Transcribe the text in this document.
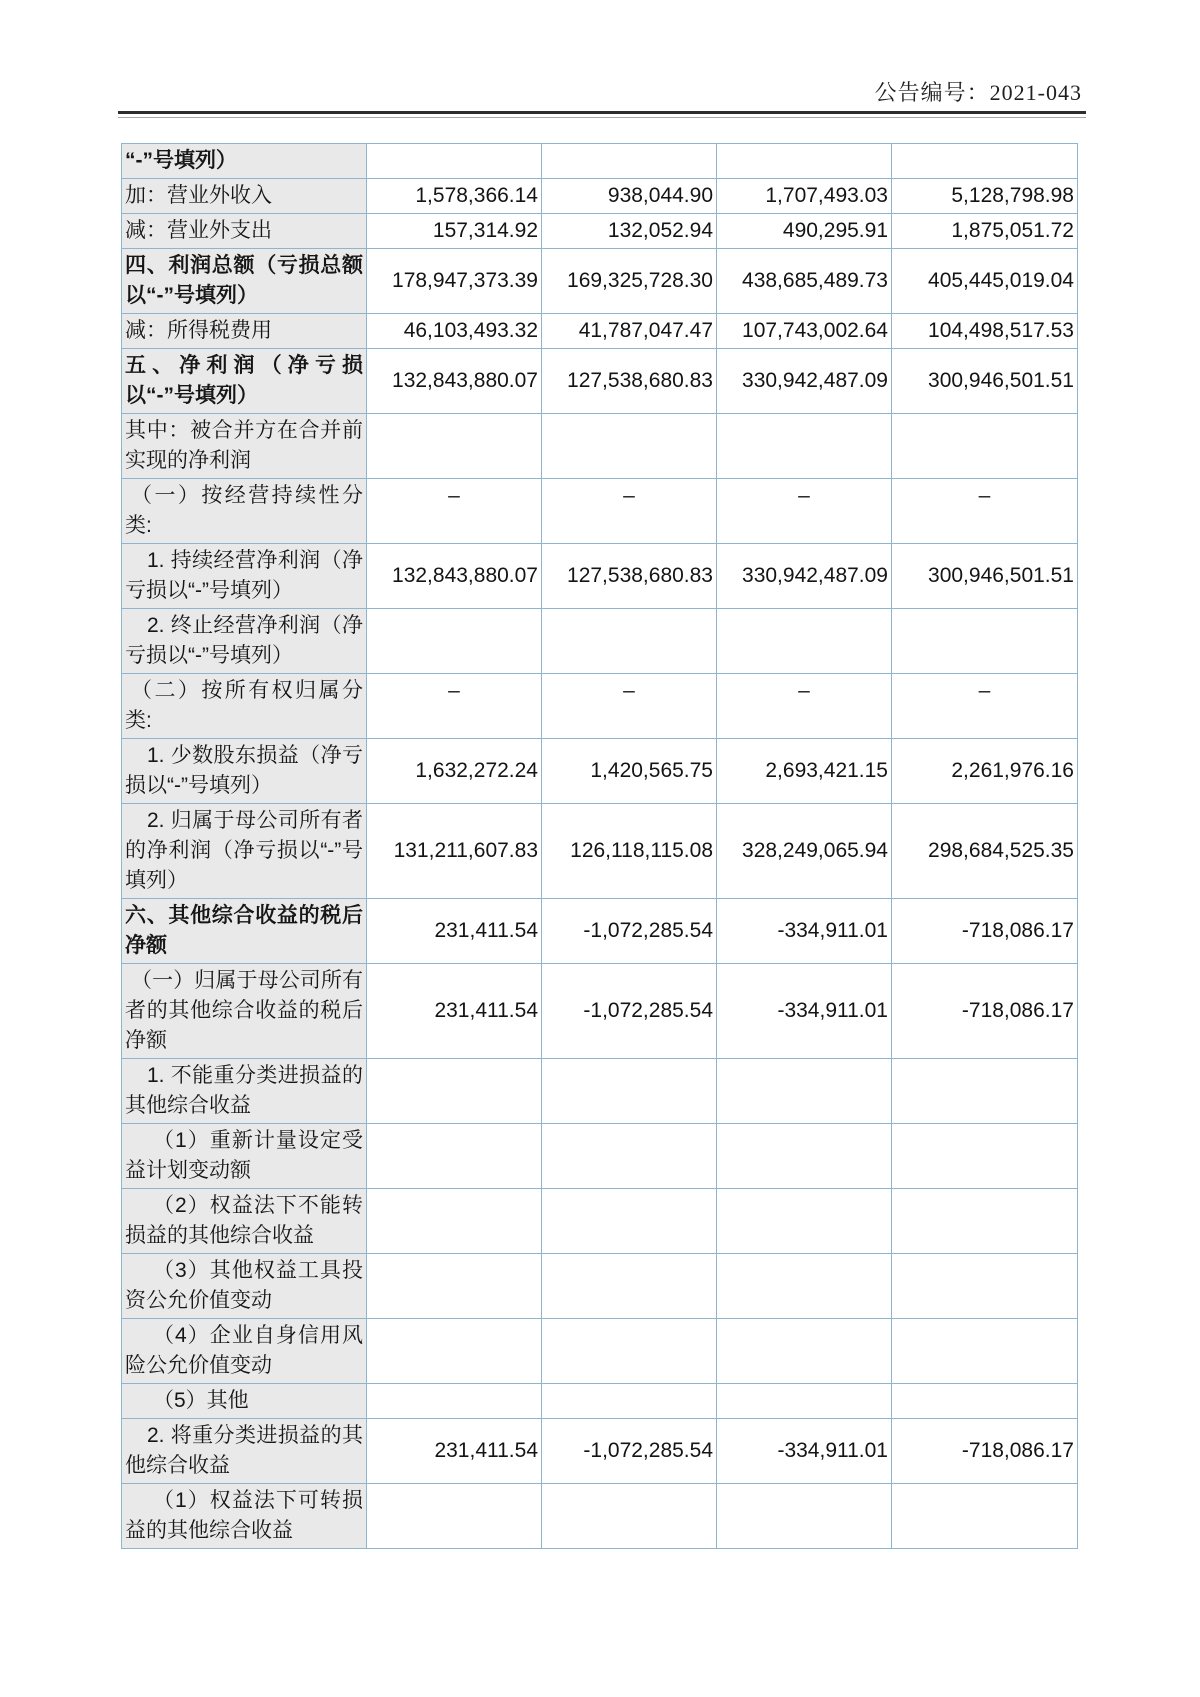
公告编号：2021-043
“-”号填列）				
加：营业外收入	1,578,366.14	938,044.90	1,707,493.03	5,128,798.98
减：营业外支出	157,314.92	132,052.94	490,295.91	1,875,051.72
四、利润总额（亏损总额以“-”号填列）	178,947,373.39	169,325,728.30	438,685,489.73	405,445,019.04
减：所得税费用	46,103,493.32	41,787,047.47	107,743,002.64	104,498,517.53
五、净利润（净亏损以“-”号填列）	132,843,880.07	127,538,680.83	330,942,487.09	300,946,501.51
其中：被合并方在合并前实现的净利润				
（一）按经营持续性分类:	–	–	–	–
1. 持续经营净利润（净亏损以“-”号填列）	132,843,880.07	127,538,680.83	330,942,487.09	300,946,501.51
2. 终止经营净利润（净亏损以“-”号填列）				
（二）按所有权归属分类:	–	–	–	–
1. 少数股东损益（净亏损以“-”号填列）	1,632,272.24	1,420,565.75	2,693,421.15	2,261,976.16
2. 归属于母公司所有者的净利润（净亏损以“-”号填列）	131,211,607.83	126,118,115.08	328,249,065.94	298,684,525.35
六、其他综合收益的税后净额	231,411.54	-1,072,285.54	-334,911.01	-718,086.17
（一）归属于母公司所有者的其他综合收益的税后净额	231,411.54	-1,072,285.54	-334,911.01	-718,086.17
1. 不能重分类进损益的其他综合收益				
（1）重新计量设定受益计划变动额				
（2）权益法下不能转损益的其他综合收益				
（3）其他权益工具投资公允价值变动				
（4）企业自身信用风险公允价值变动				
（5）其他				
2. 将重分类进损益的其他综合收益	231,411.54	-1,072,285.54	-334,911.01	-718,086.17
（1）权益法下可转损益的其他综合收益				
